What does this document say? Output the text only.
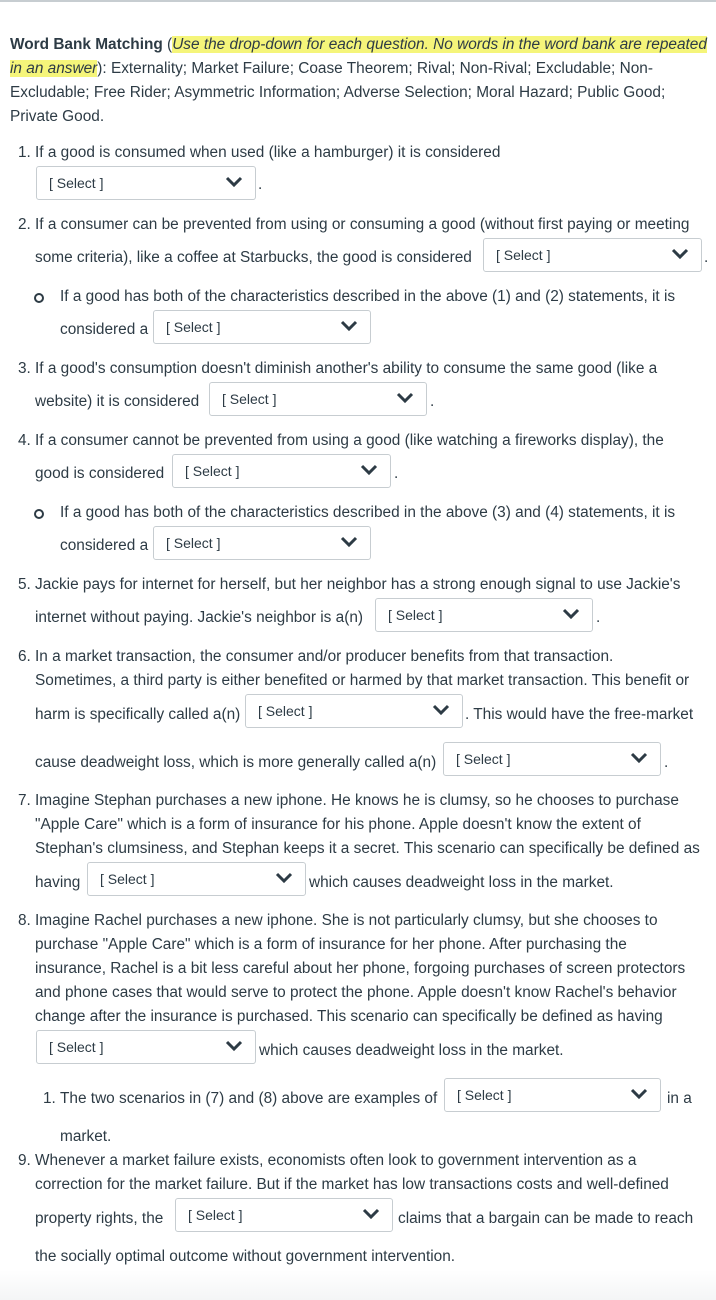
Word Bank Matching (Use the drop-down for each question. No words in the word bank are repeated in an answer): Externality; Market Failure; Coase Theorem; Rival; Non-Rival; Excludable; Non-Excludable; Free Rider; Asymmetric Information; Adverse Selection; Moral Hazard; Public Good; Private Good.
1. If a good is consumed when used (like a hamburger) it is considered
[ Select ]	.
2. If a consumer can be prevented from using or consuming a good (without first paying or meeting
some criteria), like a coffee at Starbucks, the good is considered [ Select ]	.
If a good has both of the characteristics described in the above (1) and (2) statements, it is
considered a [ Select ]
3. If a good's consumption doesn't diminish another's ability to consume the same good (like a
website) it is considered [ Select ]	.
4. If a consumer cannot be prevented from using a good (like watching a fireworks display), the
good is considered [ Select ]	.
If a good has both of the characteristics described in the above (3) and (4) statements, it is
considered a [ Select ]
5. Jackie pays for internet for herself, but her neighbor has a strong enough signal to use Jackie's
internet without paying. Jackie's neighbor is a(n) [ Select ]	.
6. In a market transaction, the consumer and/or producer benefits from that transaction.
Sometimes, a third party is either benefited or harmed by that market transaction. This benefit or
harm is specifically called a(n) [ Select ]	. This would have the free-market
cause deadweight loss, which is more generally called a(n) [ Select ]	.
7. Imagine Stephan purchases a new iphone. He knows he is clumsy, so he chooses to purchase
"Apple Care" which is a form of insurance for his phone. Apple doesn't know the extent of
Stephan's clumsiness, and Stephan keeps it a secret. This scenario can specifically be defined as
having [ Select ]	which causes deadweight loss in the market.
8. Imagine Rachel purchases a new iphone. She is not particularly clumsy, but she chooses to
purchase "Apple Care" which is a form of insurance for her phone. After purchasing the
insurance, Rachel is a bit less careful about her phone, forgoing purchases of screen protectors
and phone cases that would serve to protect the phone. Apple doesn't know Rachel's behavior
change after the insurance is purchased. This scenario can specifically be defined as having
[ Select ]	which causes deadweight loss in the market.
1. The two scenarios in (7) and (8) above are examples of [ Select ]	in a
market.
9. Whenever a market failure exists, economists often look to government intervention as a
correction for the market failure. But if the market has low transactions costs and well-defined
property rights, the [ Select ]	claims that a bargain can be made to reach
the socially optimal outcome without government intervention.
